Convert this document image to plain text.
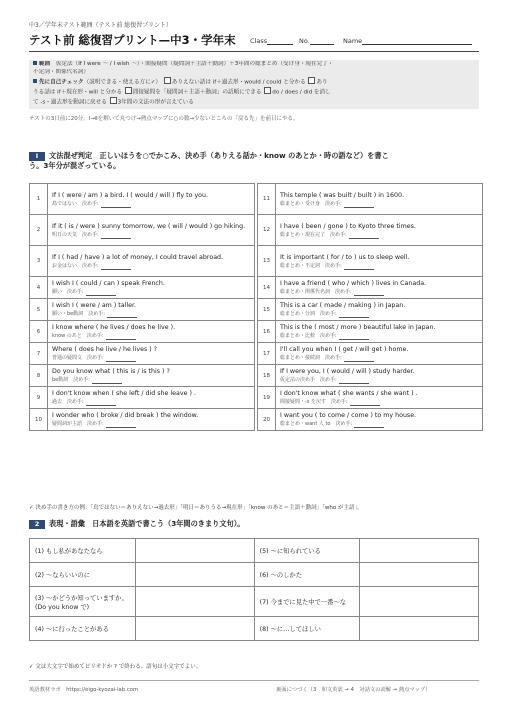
中3／学年末テスト範囲（テスト前 総復習プリント）
テスト前 総復習プリント—中3・学年末 Class	No.	Name
範囲　 仮定法（If I were ～ / I wish ～）・間接疑問（疑問詞＋主語＋動詞）＋3年間の総まとめ（受け身・現在完了・
不定詞・関係代名詞）
先に自己チェック（説明できる・使える方に✓） ありえない話は if＋過去形・would / could と分かる あり
うる話は if＋現在形・will と分かる 間接疑問を「疑問詞＋主語＋動詞」の語順にできる do / does / did を消し
て -s・過去形を動詞に戻せる 3年間の文法の形が言えている
テストの3日前に20分。Ⅰ→Ⅱを解いて丸つけ→熱点マップに○の数→少ないところの「戻る先」を前日にやる。
Ⅰ 文法混ぜ判定　正しいほうを○でかこみ、決め手（ありえる話か・know のあとか・時の語など）を書こ
う。3年分が混ざっている。
1	If I ( were / am ) a bird, I ( would / will ) fly to you.
鳥ではない 決め手:

2	If it ( is / were ) sunny tomorrow, we ( will / would ) go hiking.
明日の天気 決め手:

3	If I ( had / have ) a lot of money, I could travel abroad.
お金はない 決め手:

4	I wish I ( could / can ) speak French.
願い 決め手:

5	I wish I ( were / am ) taller.
願い・be動詞 決め手:

6	I know where ( he lives / does he live ).
know のあと 決め手:

7	Where ( does he live / he lives ) ?
普通の疑問文 決め手:

8	Do you know what ( this is / is this ) ?
be動詞 決め手:

9	I don't know when ( she left / did she leave ) .
過去 決め手:

10	I wonder who ( broke / did break ) the window.
疑問詞が主語 決め手:
11	This temple ( was built / built ) in 1600.
総まとめ・受け身 決め手:

12	I have ( been / gone ) to Kyoto three times.
総まとめ・現在完了 決め手:

13	It is important ( for / to ) us to sleep well.
総まとめ・不定詞 決め手:

14	I have a friend ( who / which ) lives in Canada.
総まとめ・関係代名詞 決め手:

15	This is a car ( made / making ) in Japan.
総まとめ・分詞 決め手:

16	This is the ( most / more ) beautiful lake in Japan.
総まとめ・比較 決め手:

17	I'll call you when I ( get / will get ) home.
総まとめ・接続詞 決め手:

18	If I were you, I ( would / will ) study harder.
仮定法の決め手 決め手:

19	I don't know what ( she wants / she want ) .
間接疑問・-s を戻す 決め手:

20	I want you ( to come / come ) to my house.
総まとめ・want 人 to 決め手:
✓ 決め手の書き方の例：「鳥ではない＝ありえない→過去形」「明日＝ありうる→現在形」「know のあと＝主語＋動詞」「who が主語」。
2 表現・語彙　日本語を英語で書こう（3年間のきまり文句）。
(1) もし私があなたなら		(5) 〜に知られている	
(2) 〜ならいいのに		(6) 〜のしかた	
(3) 〜かどうか知っていますか。 (Do you know で)		(7) 今までに見た中で一番〜な	
(4) 〜に行ったことがある		(8) 〜に…してほしい	
✓ 文は大文字で始めてピリオドか ? で終わる。語句は小文字でよい。
英語教材ラボ　https://eigo-kyozai-lab.com	裏面につづく（3　和文英訳 → 4　対話文の読解 → 熱点マップ）
